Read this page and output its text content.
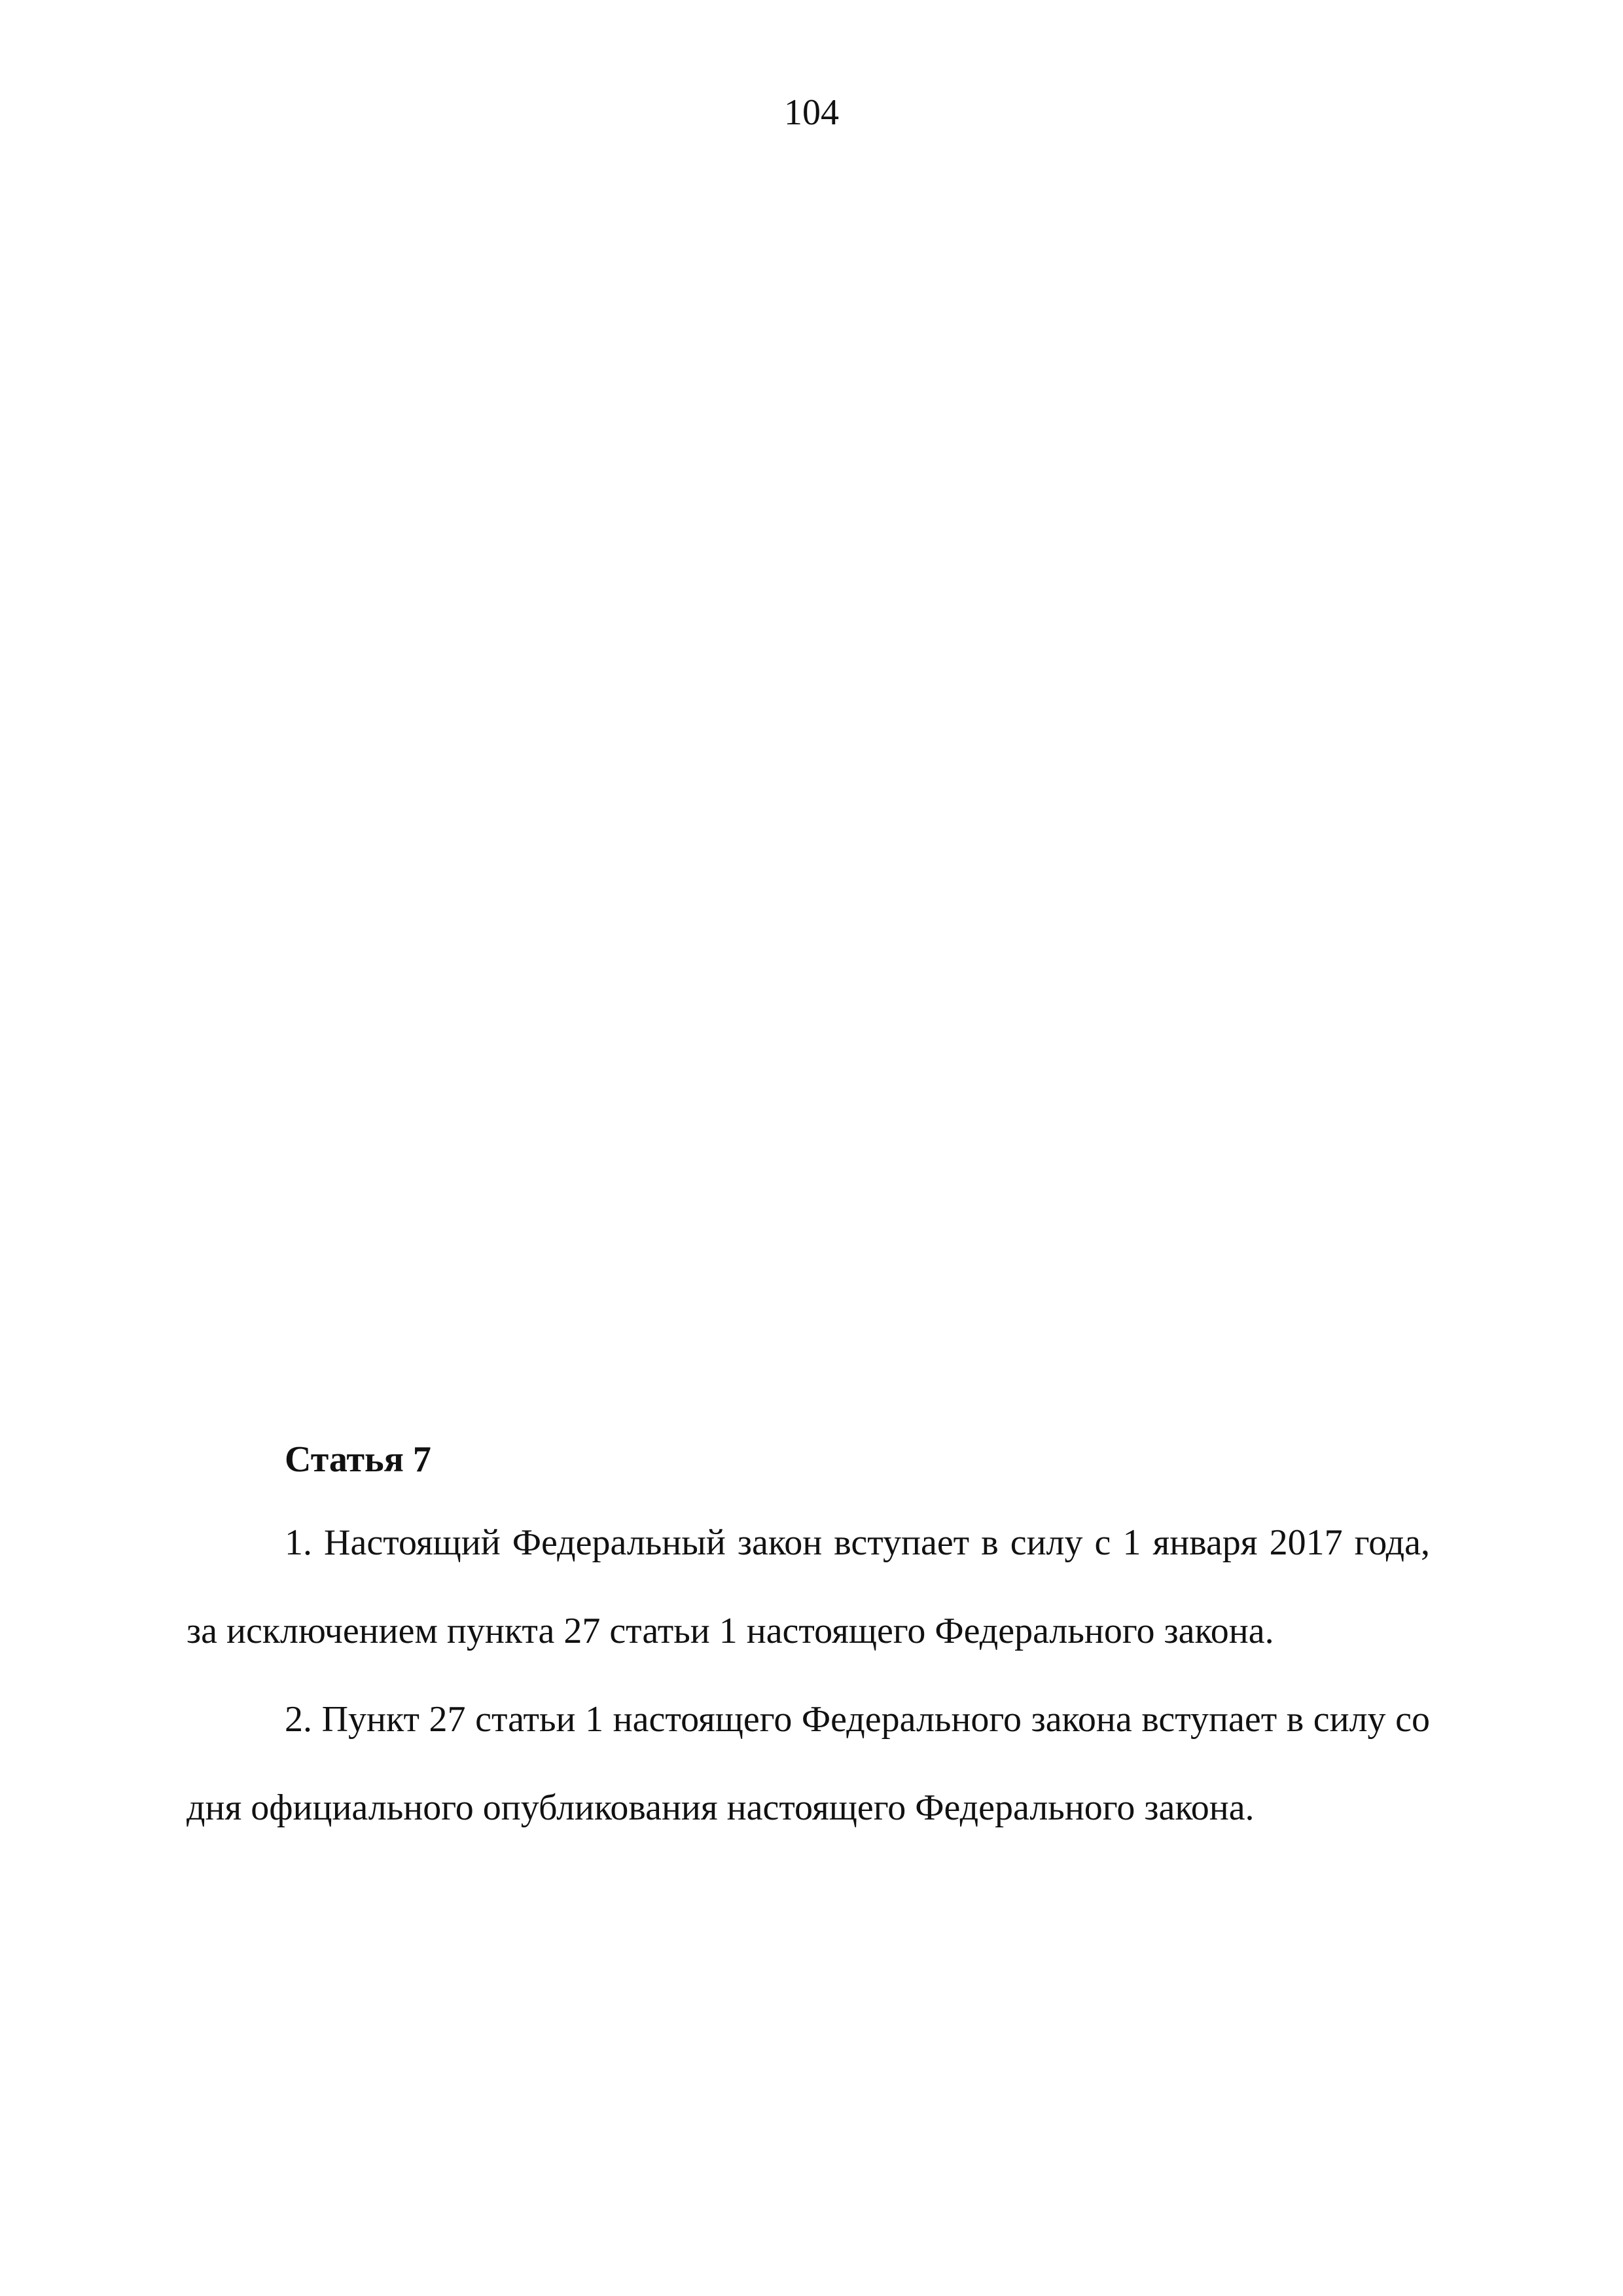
104
Статья 7

1. Настоящий Федеральный закон вступает в силу с 1 января 2017 года, за исключением пункта 27 статьи 1 настоящего Федерального закона.

2. Пункт 27 статьи 1 настоящего Федерального закона вступает в силу со дня официального опубликования настоящего Федерального закона.
